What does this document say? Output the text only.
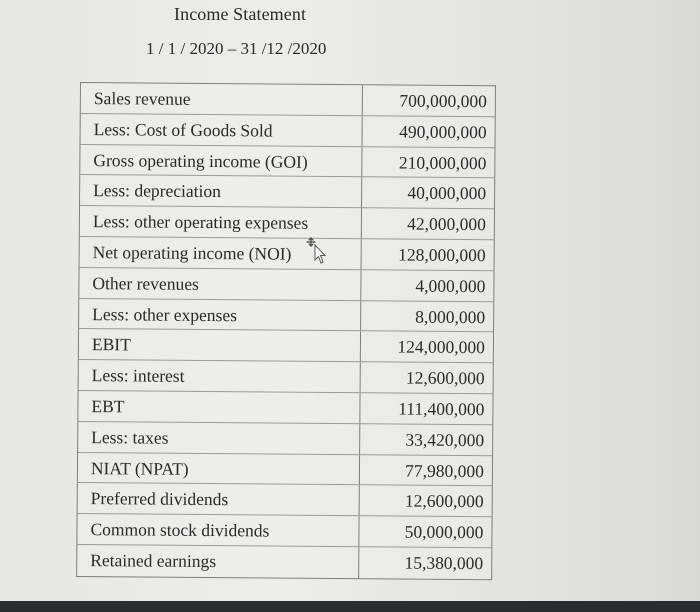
Income Statement
1 / 1 / 2020 – 31 /12 /2020
Sales revenue	700,000,000
Less: Cost of Goods Sold	490,000,000
Gross operating income (GOI)	210,000,000
Less: depreciation	40,000,000
Less: other operating expenses	42,000,000
Net operating income (NOI)	128,000,000
Other revenues	4,000,000
Less: other expenses	8,000,000
EBIT	124,000,000
Less: interest	12,600,000
EBT	111,400,000
Less: taxes	33,420,000
NIAT (NPAT)	77,980,000
Preferred dividends	12,600,000
Common stock dividends	50,000,000
Retained earnings	15,380,000
